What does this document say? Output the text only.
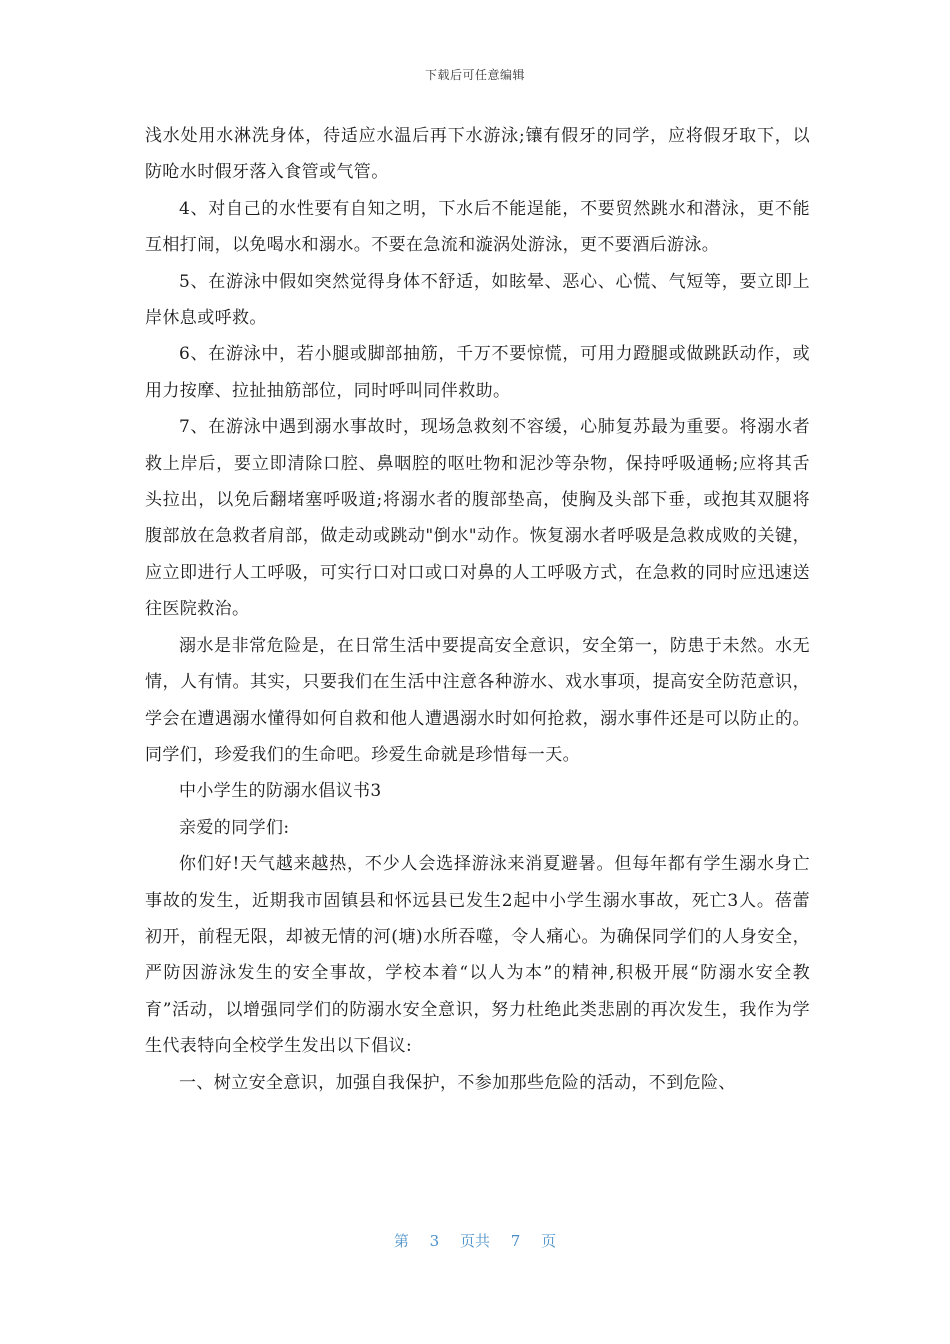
下载后可任意编辑

浅水处用水淋洗身体，待适应水温后再下水游泳;镶有假牙的同学，应将假牙取下，以防呛水时假牙落入食管或气管。

4、对自己的水性要有自知之明，下水后不能逞能，不要贸然跳水和潜泳，更不能互相打闹，以免喝水和溺水。不要在急流和漩涡处游泳，更不要酒后游泳。

5、在游泳中假如突然觉得身体不舒适，如眩晕、恶心、心慌、气短等，要立即上岸休息或呼救。

6、在游泳中，若小腿或脚部抽筋，千万不要惊慌，可用力蹬腿或做跳跃动作，或用力按摩、拉扯抽筋部位，同时呼叫同伴救助。

7、在游泳中遇到溺水事故时，现场急救刻不容缓，心肺复苏最为重要。将溺水者救上岸后，要立即清除口腔、鼻咽腔的呕吐物和泥沙等杂物，保持呼吸通畅;应将其舌头拉出，以免后翻堵塞呼吸道;将溺水者的腹部垫高，使胸及头部下垂，或抱其双腿将腹部放在急救者肩部，做走动或跳动"倒水"动作。恢复溺水者呼吸是急救成败的关键，应立即进行人工呼吸，可实行口对口或口对鼻的人工呼吸方式，在急救的同时应迅速送往医院救治。

溺水是非常危险是，在日常生活中要提高安全意识，安全第一，防患于未然。水无情，人有情。其实，只要我们在生活中注意各种游水、戏水事项，提高安全防范意识，学会在遭遇溺水懂得如何自救和他人遭遇溺水时如何抢救，溺水事件还是可以防止的。同学们，珍爱我们的生命吧。珍爱生命就是珍惜每一天。

中小学生的防溺水倡议书3

亲爱的同学们:

你们好!天气越来越热，不少人会选择游泳来消夏避暑。但每年都有学生溺水身亡事故的发生，近期我市固镇县和怀远县已发生2起中小学生溺水事故，死亡3人。蓓蕾初开，前程无限，却被无情的河(塘)水所吞噬，令人痛心。为确保同学们的人身安全，严防因游泳发生的安全事故，学校本着“以人为本”的精神,积极开展“防溺水安全教育”活动，以增强同学们的防溺水安全意识，努力杜绝此类悲剧的再次发生，我作为学生代表特向全校学生发出以下倡议:

一、树立安全意识，加强自我保护，不参加那些危险的活动，不到危险、

第 3 页共 7 页
